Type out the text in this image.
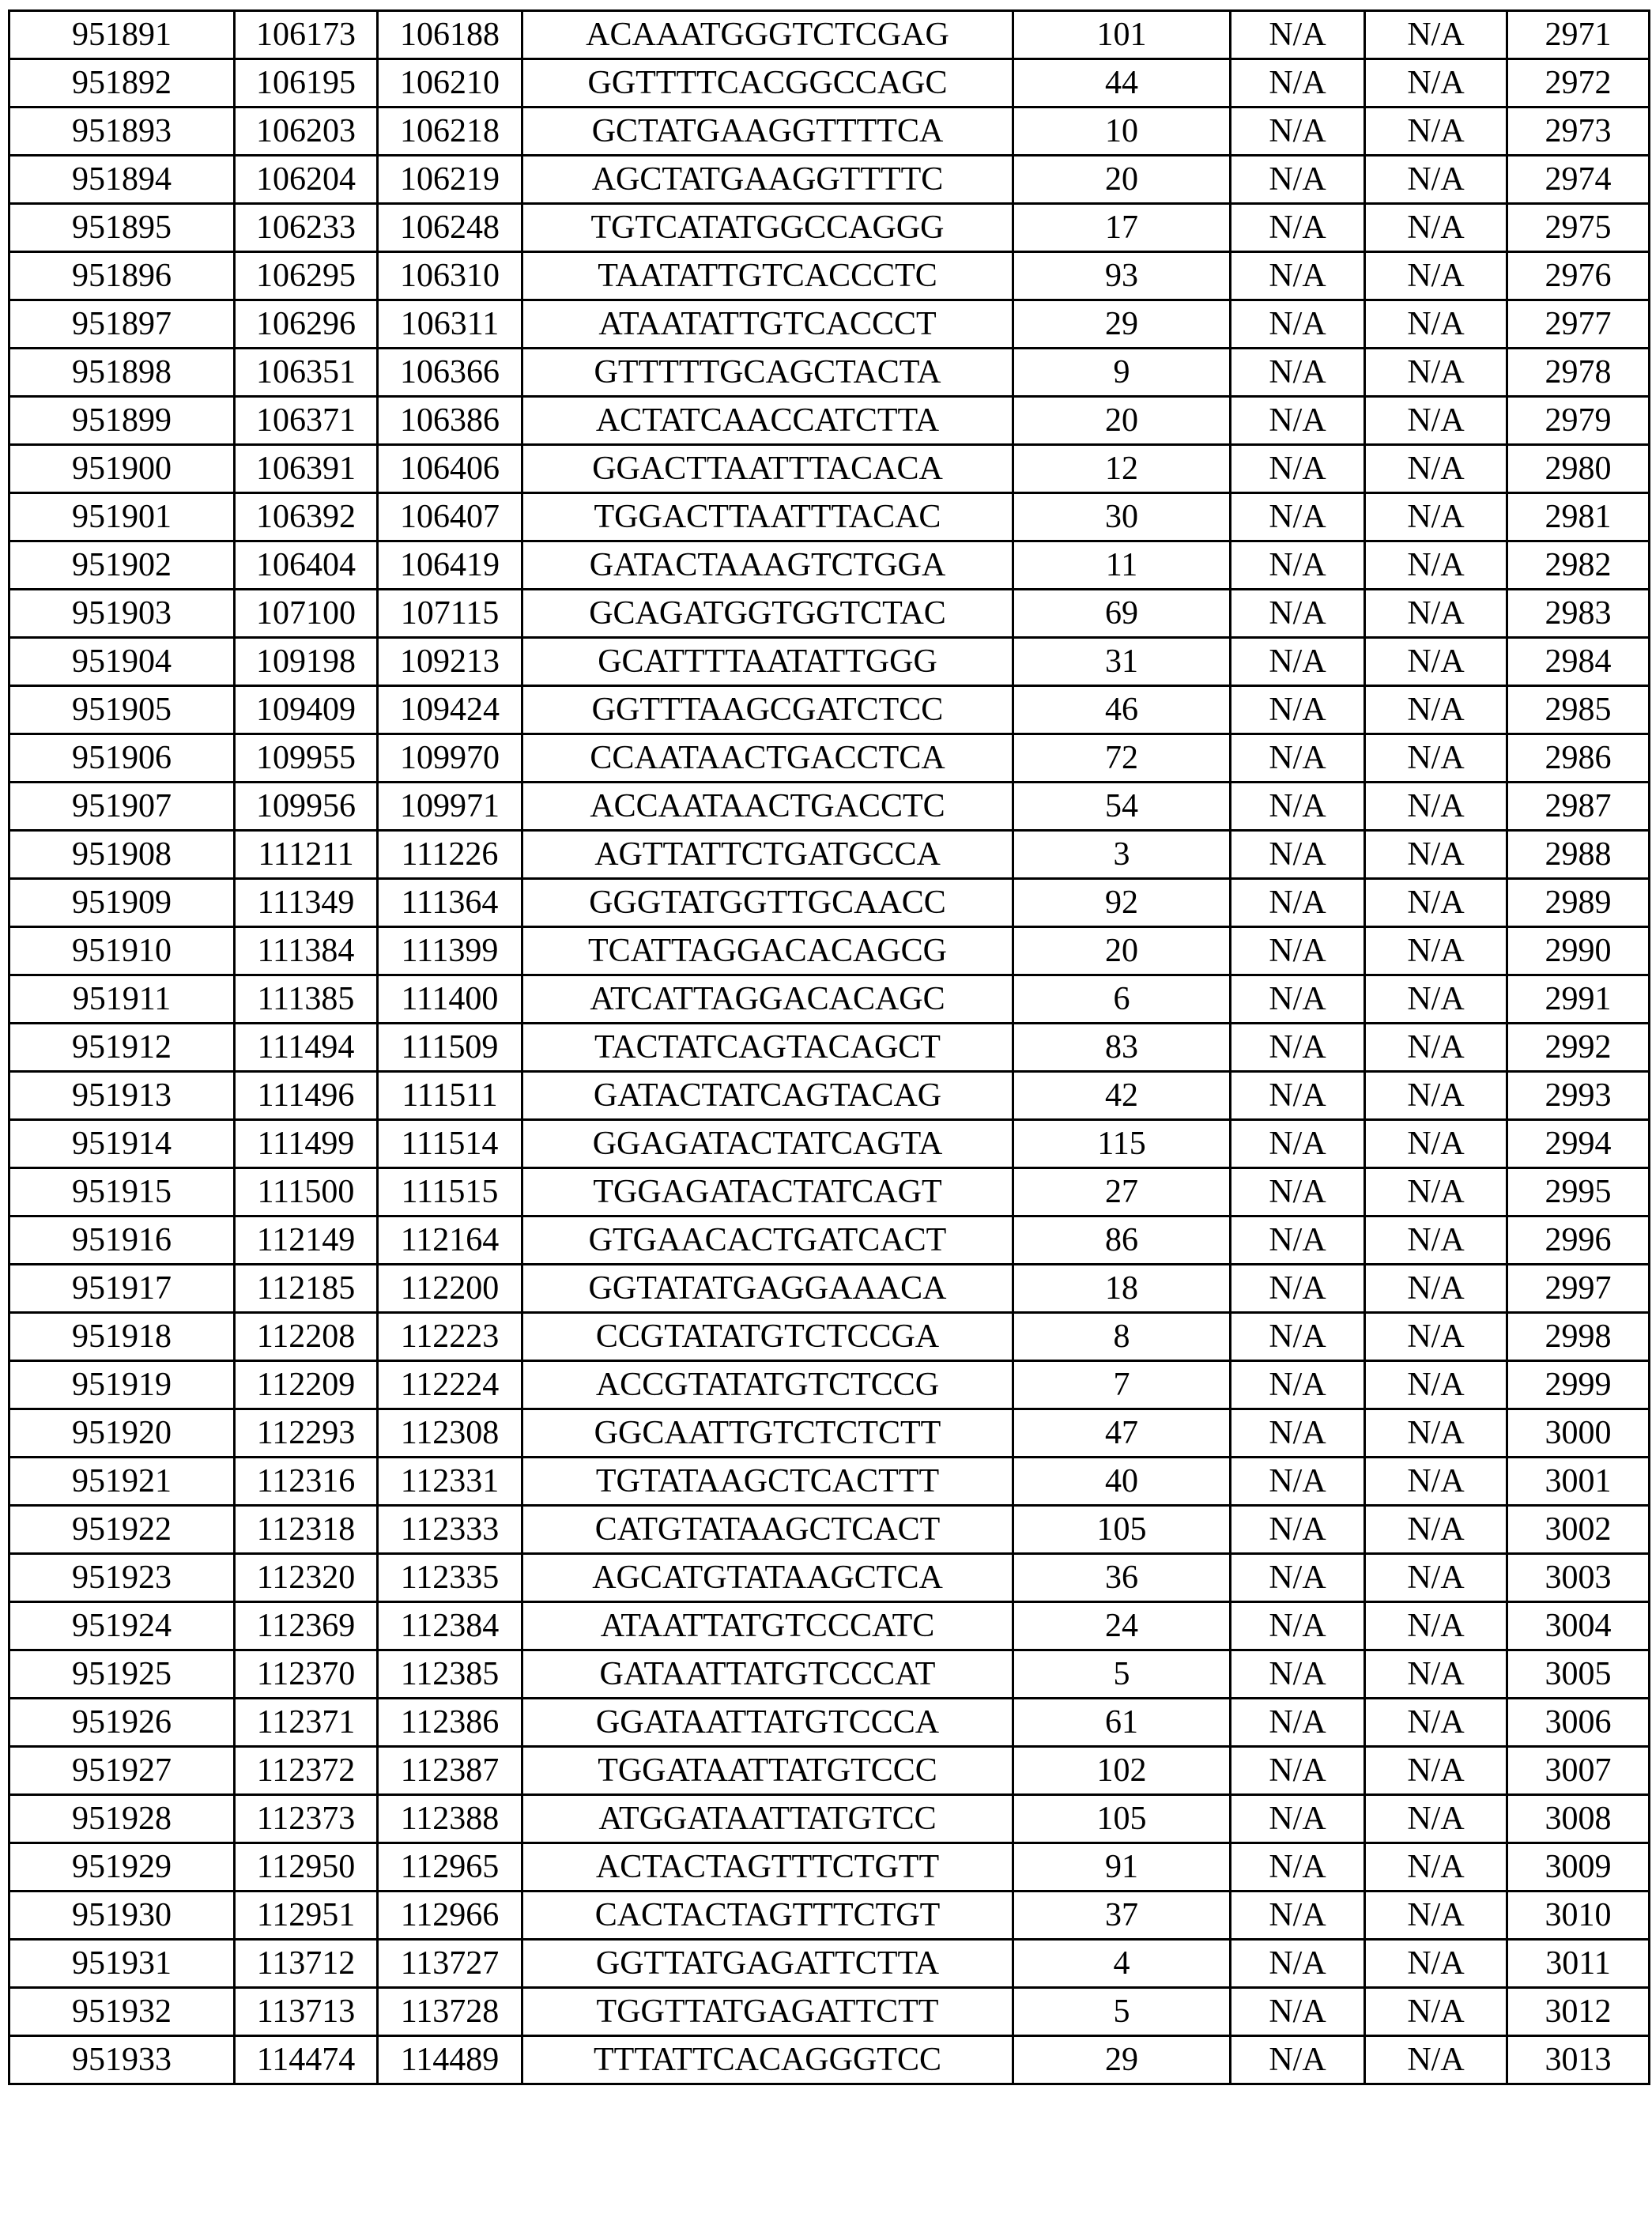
951891	106173	106188	ACAAATGGGTCTCGAG	101	N/A	N/A	2971
951892	106195	106210	GGTTTTCACGGCCAGC	44	N/A	N/A	2972
951893	106203	106218	GCTATGAAGGTTTTCA	10	N/A	N/A	2973
951894	106204	106219	AGCTATGAAGGTTTTC	20	N/A	N/A	2974
951895	106233	106248	TGTCATATGGCCAGGG	17	N/A	N/A	2975
951896	106295	106310	TAATATTGTCACCCTC	93	N/A	N/A	2976
951897	106296	106311	ATAATATTGTCACCCT	29	N/A	N/A	2977
951898	106351	106366	GTTTTTGCAGCTACTA	9	N/A	N/A	2978
951899	106371	106386	ACTATCAACCATCTTA	20	N/A	N/A	2979
951900	106391	106406	GGACTTAATTTACACA	12	N/A	N/A	2980
951901	106392	106407	TGGACTTAATTTACAC	30	N/A	N/A	2981
951902	106404	106419	GATACTAAAGTCTGGA	11	N/A	N/A	2982
951903	107100	107115	GCAGATGGTGGTCTAC	69	N/A	N/A	2983
951904	109198	109213	GCATTTTAATATTGGG	31	N/A	N/A	2984
951905	109409	109424	GGTTTAAGCGATCTCC	46	N/A	N/A	2985
951906	109955	109970	CCAATAACTGACCTCA	72	N/A	N/A	2986
951907	109956	109971	ACCAATAACTGACCTC	54	N/A	N/A	2987
951908	111211	111226	AGTTATTCTGATGCCA	3	N/A	N/A	2988
951909	111349	111364	GGGTATGGTTGCAACC	92	N/A	N/A	2989
951910	111384	111399	TCATTAGGACACAGCG	20	N/A	N/A	2990
951911	111385	111400	ATCATTAGGACACAGC	6	N/A	N/A	2991
951912	111494	111509	TACTATCAGTACAGCT	83	N/A	N/A	2992
951913	111496	111511	GATACTATCAGTACAG	42	N/A	N/A	2993
951914	111499	111514	GGAGATACTATCAGTA	115	N/A	N/A	2994
951915	111500	111515	TGGAGATACTATCAGT	27	N/A	N/A	2995
951916	112149	112164	GTGAACACTGATCACT	86	N/A	N/A	2996
951917	112185	112200	GGTATATGAGGAAACA	18	N/A	N/A	2997
951918	112208	112223	CCGTATATGTCTCCGA	8	N/A	N/A	2998
951919	112209	112224	ACCGTATATGTCTCCG	7	N/A	N/A	2999
951920	112293	112308	GGCAATTGTCTCTCTT	47	N/A	N/A	3000
951921	112316	112331	TGTATAAGCTCACTTT	40	N/A	N/A	3001
951922	112318	112333	CATGTATAAGCTCACT	105	N/A	N/A	3002
951923	112320	112335	AGCATGTATAAGCTCA	36	N/A	N/A	3003
951924	112369	112384	ATAATTATGTCCCATC	24	N/A	N/A	3004
951925	112370	112385	GATAATTATGTCCCAT	5	N/A	N/A	3005
951926	112371	112386	GGATAATTATGTCCCA	61	N/A	N/A	3006
951927	112372	112387	TGGATAATTATGTCCC	102	N/A	N/A	3007
951928	112373	112388	ATGGATAATTATGTCC	105	N/A	N/A	3008
951929	112950	112965	ACTACTAGTTTCTGTT	91	N/A	N/A	3009
951930	112951	112966	CACTACTAGTTTCTGT	37	N/A	N/A	3010
951931	113712	113727	GGTTATGAGATTCTTA	4	N/A	N/A	3011
951932	113713	113728	TGGTTATGAGATTCTT	5	N/A	N/A	3012
951933	114474	114489	TTTATTCACAGGGTCC	29	N/A	N/A	3013
